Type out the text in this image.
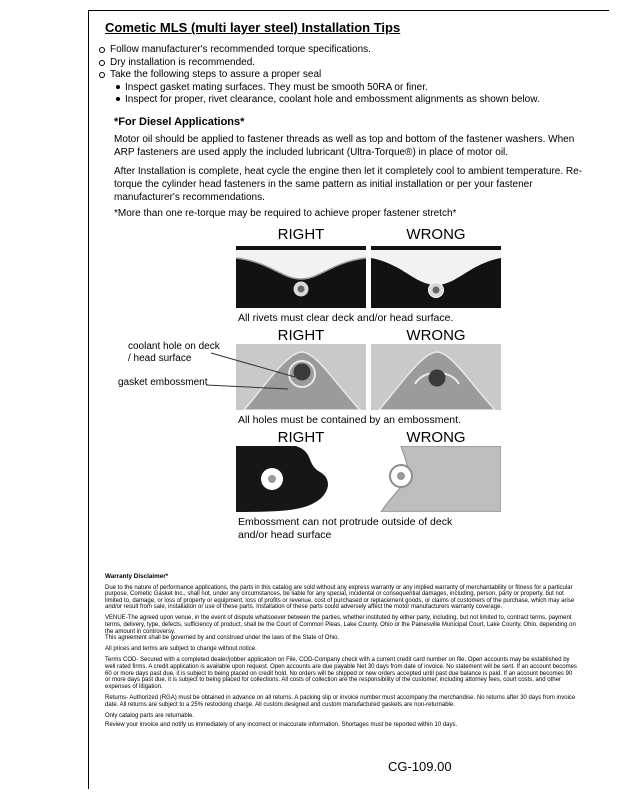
Cometic MLS (multi layer steel) Installation Tips
Follow manufacturer's recommended torque specifications.
Dry installation is recommended.
Take the following steps to assure a proper seal
Inspect gasket mating surfaces. They must be smooth 50RA or finer.
Inspect for proper, rivet clearance, coolant hole and embossment alignments as shown below.
*For Diesel Applications*
Motor oil should be applied to fastener threads as well as top and bottom of the fastener washers. When ARP fasteners are used apply the included lubricant (Ultra-Torque®) in place of motor oil.
After Installation is complete, heat cycle the engine then let it completely cool to ambient temperature. Re-torque the cylinder head fasteners in the same pattern as initial installation or per your fastener manufacturer's recommendations.
*More than one re-torque may be required to achieve proper fastener stretch*
RIGHT	WRONG
All rivets must clear deck and/or head surface.
RIGHT	WRONG
coolant hole on deck / head surface
gasket embossment
All holes must be contained by an embossment.
RIGHT	WRONG
Embossment can not protrude outside of deck and/or head surface
Warranty Disclaimer*

Due to the nature of performance applications, the parts in this catalog are sold without any express warranty or any implied warranty of merchantability or fitness for a particular purpose. Cometic Gasket Inc., shall not, under any circumstances, be liable for any special, incidental or consequential damages, including, person, party or property, but not limited to, damage, or loss of property or equipment, loss of profits or revenue, cost of purchased or replacement goods, or claims of customers of the purchase, which may arise and/or result from sale, installation or use of these parts. Installation of these parts could adversely affect the motor manufacturers warranty coverage.

VENUE-The agreed upon venue, in the event of dispute whatsoever between the parties, whether instituted by either party, including, but not limited to, contract terms, payment terms, delivery, type, defects, sufficiency of product, shall be the Court of Common Pleas, Lake County, Ohio or the Painesville Municipal Court, Lake County, Ohio, depending on the amount in controversy.

This agreement shall be governed by and construed under the laws of the State of Ohio.

All prices and terms are subject to change without notice.

Terms COD- Secured with a completed dealer/jobber application on File, COD-Company check with a current credit card number on file. Open accounts may be established by well rated firms. A credit application is available upon request. Open accounts are due payable Net 30 days from date of invoice. No statement will be sent. If an account becomes 60 or more days past due, it is subject to being placed on credit hold. No orders will be shipped or new orders accepted until past due balance is paid. If an account becomes 90 or more days past due, it is subject to being placed for collections. All costs of collection are the responsibility of the customer, including attorney fees, court costs, and other expenses of litigation.

Returns- Authorized (RGA) must be obtained in advance on all returns. A packing slip or invoice number must accompany the merchandise. No returns after 30 days from invoice date. All returns are subject to a 25% restocking charge. All custom designed and custom manufactured gaskets are non-returnable.

Only catalog parts are returnable.

Review your invoice and notify us immediately of any incorrect or inaccurate information. Shortages must be reported within 10 days.

CG-109.00
